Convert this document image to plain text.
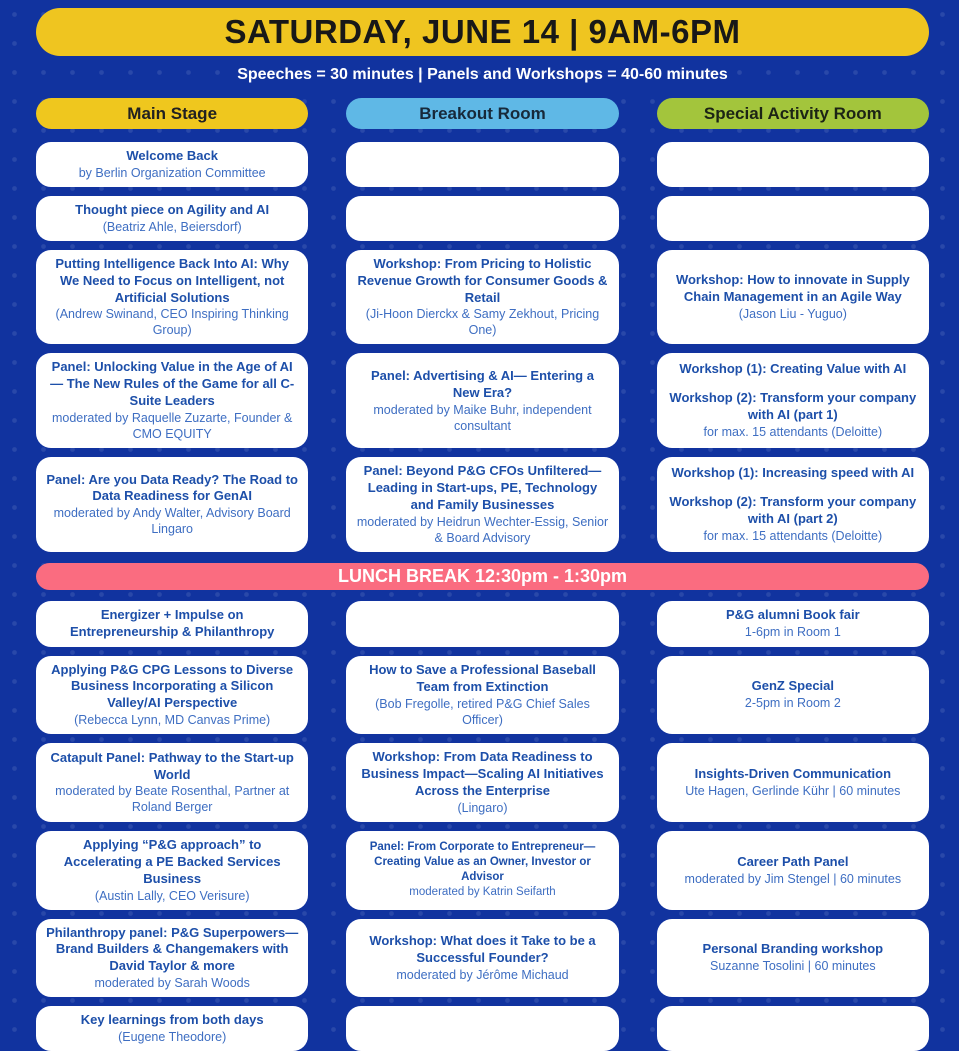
SATURDAY, JUNE 14 | 9AM-6PM
Speeches = 30 minutes | Panels and Workshops = 40-60 minutes
Main Stage	Breakout Room	Special Activity Room
Welcome Back
by Berlin Organization Committee
Thought piece on Agility and AI
(Beatriz Ahle, Beiersdorf)
Putting Intelligence Back Into AI: Why We Need to Focus on Intelligent, not Artificial Solutions
(Andrew Swinand, CEO Inspiring Thinking Group)
Workshop: From Pricing to Holistic Revenue Growth for Consumer Goods & Retail
(Ji-Hoon Dierckx & Samy Zekhout, Pricing One)
Workshop: How to innovate in Supply Chain Management in an Agile Way
(Jason Liu - Yuguo)
Panel: Unlocking Value in the Age of AI— The New Rules of the Game for all C-Suite Leaders
moderated by Raquelle Zuzarte, Founder & CMO EQUITY
Panel: Advertising & AI— Entering a New Era?
moderated by Maike Buhr, independent consultant
Workshop (1): Creating Value with AI
Workshop (2): Transform your company with AI (part 1)
for max. 15 attendants (Deloitte)
Panel: Are you Data Ready? The Road to Data Readiness for GenAI
moderated by Andy Walter, Advisory Board Lingaro
Panel: Beyond P&G CFOs Unfiltered— Leading in Start-ups, PE, Technology and Family Businesses
moderated by Heidrun Wechter-Essig, Senior & Board Advisory
Workshop (1): Increasing speed with AI
Workshop (2): Transform your company with AI (part 2)
for max. 15 attendants (Deloitte)
LUNCH BREAK 12:30pm - 1:30pm
Energizer + Impulse on Entrepreneurship & Philanthropy
P&G alumni Book fair
1-6pm in Room 1
Applying P&G CPG Lessons to Diverse Business Incorporating a Silicon Valley/AI Perspective
(Rebecca Lynn, MD Canvas Prime)
How to Save a Professional Baseball Team from Extinction
(Bob Fregolle, retired P&G Chief Sales Officer)
GenZ Special
2-5pm in Room 2
Catapult Panel: Pathway to the Start-up World
moderated by Beate Rosenthal, Partner at Roland Berger
Workshop: From Data Readiness to Business Impact—Scaling AI Initiatives Across the Enterprise
(Lingaro)
Insights-Driven Communication
Ute Hagen, Gerlinde Kühr | 60 minutes
Applying “P&G approach” to Accelerating a PE Backed Services Business
(Austin Lally, CEO Verisure)
Panel: From Corporate to Entrepreneur— Creating Value as an Owner, Investor or Advisor
moderated by Katrin Seifarth
Career Path Panel
moderated by Jim Stengel | 60 minutes
Philanthropy panel: P&G Superpowers— Brand Builders & Changemakers with David Taylor & more
moderated by Sarah Woods
Workshop: What does it Take to be a Successful Founder?
moderated by Jérôme Michaud
Personal Branding workshop
Suzanne Tosolini | 60 minutes
Key learnings from both days
(Eugene Theodore)
